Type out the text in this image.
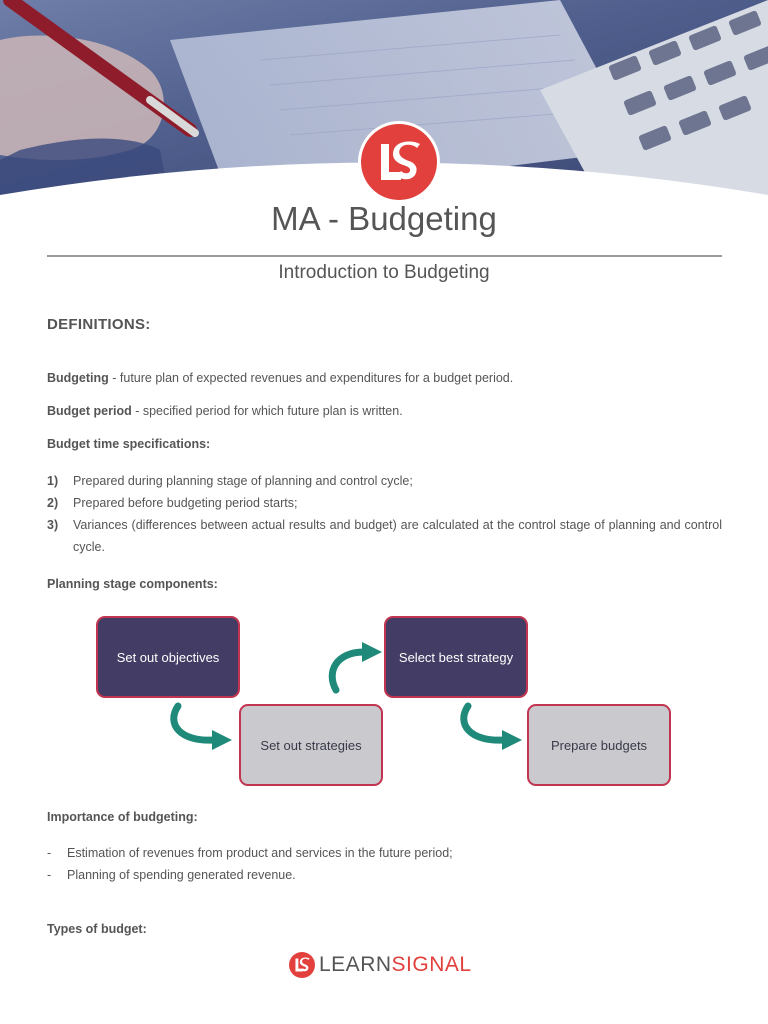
MA - Budgeting
Introduction to Budgeting
DEFINITIONS:

Budgeting - future plan of expected revenues and expenditures for a budget period.

Budget period - specified period for which future plan is written.

Budget time specifications:
1) Prepared during planning stage of planning and control cycle;
2) Prepared before budgeting period starts;
3) Variances (differences between actual results and budget) are calculated at the control stage of planning and control cycle.
Planning stage components:
Set out objectives
Set out strategies
Select best strategy
Prepare budgets
Importance of budgeting:
- Estimation of revenues from product and services in the future period;
- Planning of spending generated revenue.
Types of budget:
LEARNSIGNAL
